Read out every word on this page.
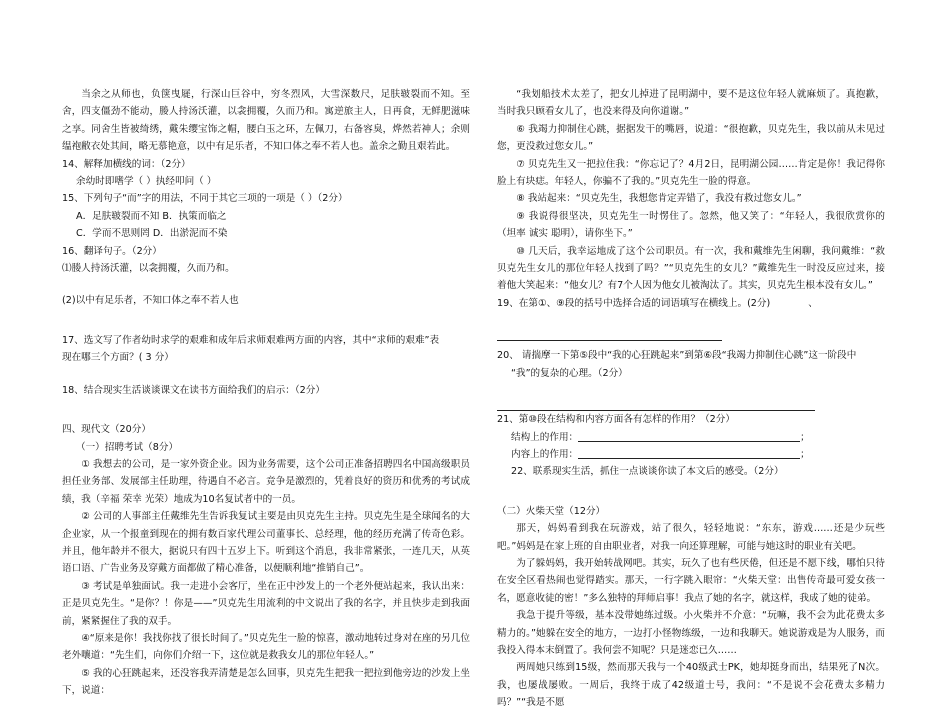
当余之从师也，负箧曳屣，行深山巨谷中，穷冬烈风，大雪深数尺，足肤皲裂而不知。至舍，四支僵劲不能动，媵人持汤沃灌，以衾拥覆，久而乃和。寓逆旅主人，日再食，无鲜肥滋味之享。同舍生皆被绮绣，戴朱缨宝饰之帽，腰白玉之环，左佩刀，右备容臭，烨然若神人；余则缊袍敝衣处其间，略无慕艳意，以中有足乐者，不知口体之奉不若人也。盖余之勤且艰若此。

14、解释加横线的词：（2分）

余幼时即嗜学（ ）执经叩问（ ）

15、下列句子“而”字的用法，不同于其它三项的一项是（ ）（2分）

A．足肤皲裂而不知 B．执策而临之

C．学而不思则罔 D．出淤泥而不染

16、翻译句子。（2分）

⑴媵人持汤沃灌，以衾拥覆，久而乃和。

(2)以中有足乐者，不知口体之奉不若人也

17、选文写了作者幼时求学的艰难和成年后求师艰难两方面的内容，其中“求师的艰难”表

现在哪三个方面？( 3 分）

18、结合现实生活谈谈课文在读书方面给我们的启示：（2分）

四、现代文（20分）

（一）招聘考试（8分）

① 我想去的公司，是一家外资企业。因为业务需要，这个公司正准备招聘四名中国高级职员担任业务部、发展部主任助理，待遇自不必言。竞争是激烈的，凭着良好的资历和优秀的考试成绩，我（辛福 荣幸 光荣）地成为10名复试者中的一员。

② 公司的人事部主任戴维先生告诉我复试主要是由贝克先生主持。贝克先生是全球闻名的大企业家，从一个报童到现在的拥有数百家代理公司董事长、总经理，他的经历充满了传奇色彩。并且，他年龄并不很大，据说只有四十五岁上下。听到这个消息，我非常紧张，一连几天，从英语口语、广告业务及穿戴方面都做了精心准备，以便顺利地“推销自己”。

③ 考试是单独面试。我一走进小会客厅，坐在正中沙发上的一个老外便站起来，我认出来：正是贝克先生。“是你？！你是——”贝克先生用流利的中文说出了我的名字，并且快步走到我面前，紧紧握住了我的双手。

④“原来是你！我找你找了很长时间了。”贝克先生一脸的惊喜，激动地转过身对在座的另几位老外嚷道：“先生们，向你们介绍一下，这位就是救我女儿的那位年轻人。”

⑤ 我的心狂跳起来，还没容我弄清楚是怎么回事，贝克先生把我一把拉到他旁边的沙发上坐下，说道：

“我划船技术太差了，把女儿掉进了昆明湖中，要不是这位年轻人就麻烦了。真抱歉，当时我只顾看女儿了，也没来得及向你道谢。”

⑥ 我竭力抑制住心跳，据据发干的嘴唇，说道：“很抱歉，贝克先生，我以前从未见过您，更没救过您女儿。”

⑦ 贝克先生又一把拉住我：“你忘记了？4月2日，昆明湖公园……肯定是你！我记得你脸上有块痣。年轻人，你骗不了我的。”贝克先生一脸的得意。

⑧ 我站起来：“贝克先生，我想您肯定弄错了，我没有救过您女儿。”

⑨ 我说得很坚决，贝克先生一时愣住了。忽然，他又笑了：“年轻人，我很欣赏你的（坦率 诚实 聪明），请你坐下。”

⑩ 几天后，我幸运地成了这个公司职员。有一次，我和戴维先生闲聊，我问戴维：“救贝克先生女儿的那位年轻人找到了吗？”“贝克先生的女儿？”戴维先生一时没反应过来，接着他大笑起来：“他女儿？有7个人因为他女儿被淘汰了。其实，贝克先生根本没有女儿。”

19、在第①、⑨段的括号中选择合适的词语填写在横线上。(2分)	、

20、 请揣摩一下第⑤段中“我的心狂跳起来”到第⑥段“我竭力抑制住心跳”这一阶段中

“我”的复杂的心理。（2分）

21、第⑩段在结构和内容方面各有怎样的作用？（2分）

结构上的作用：	；

内容上的作用：	；

22、联系现实生活，抓住一点谈谈你读了本文后的感受。（2分）

（二）火柴天堂（12分）

那天，妈妈看到我在玩游戏，站了很久，轻轻地说：“东东，游戏……还是少玩些吧。”妈妈是在家上班的自由职业者，对我一向还算理解，可能与她这时的职业有关吧。

为了躲妈妈，我开始转战网吧。其实，玩久了也有些厌倦，但还是不愿下线，哪怕只待在安全区看热闹也觉得踏实。那天，一行字跳入眼帘：“火柴天堂：出售传奇最可爱女孩一名，愿意收徒的密！”多么独特的拜师启事！我点了她的名字，就这样，我成了她的徒弟。

我急于提升等级，基本没带她练过级。小火柴并不介意：“玩嘛，我不会为此花费太多精力的。”她躲在安全的地方，一边打小怪物练级，一边和我聊天。她说游戏是为人服务，而我投入得本末倒置了。我何尝不知呢？只是迷恋已久……

两周她只练到15级，然而那天我与一个40级武士PK，她却挺身而出，结果死了N次。我，也屡战屡败。一周后，我终于成了42级道士号，我问：“不是说不会花费太多精力吗？”“我是不愿
